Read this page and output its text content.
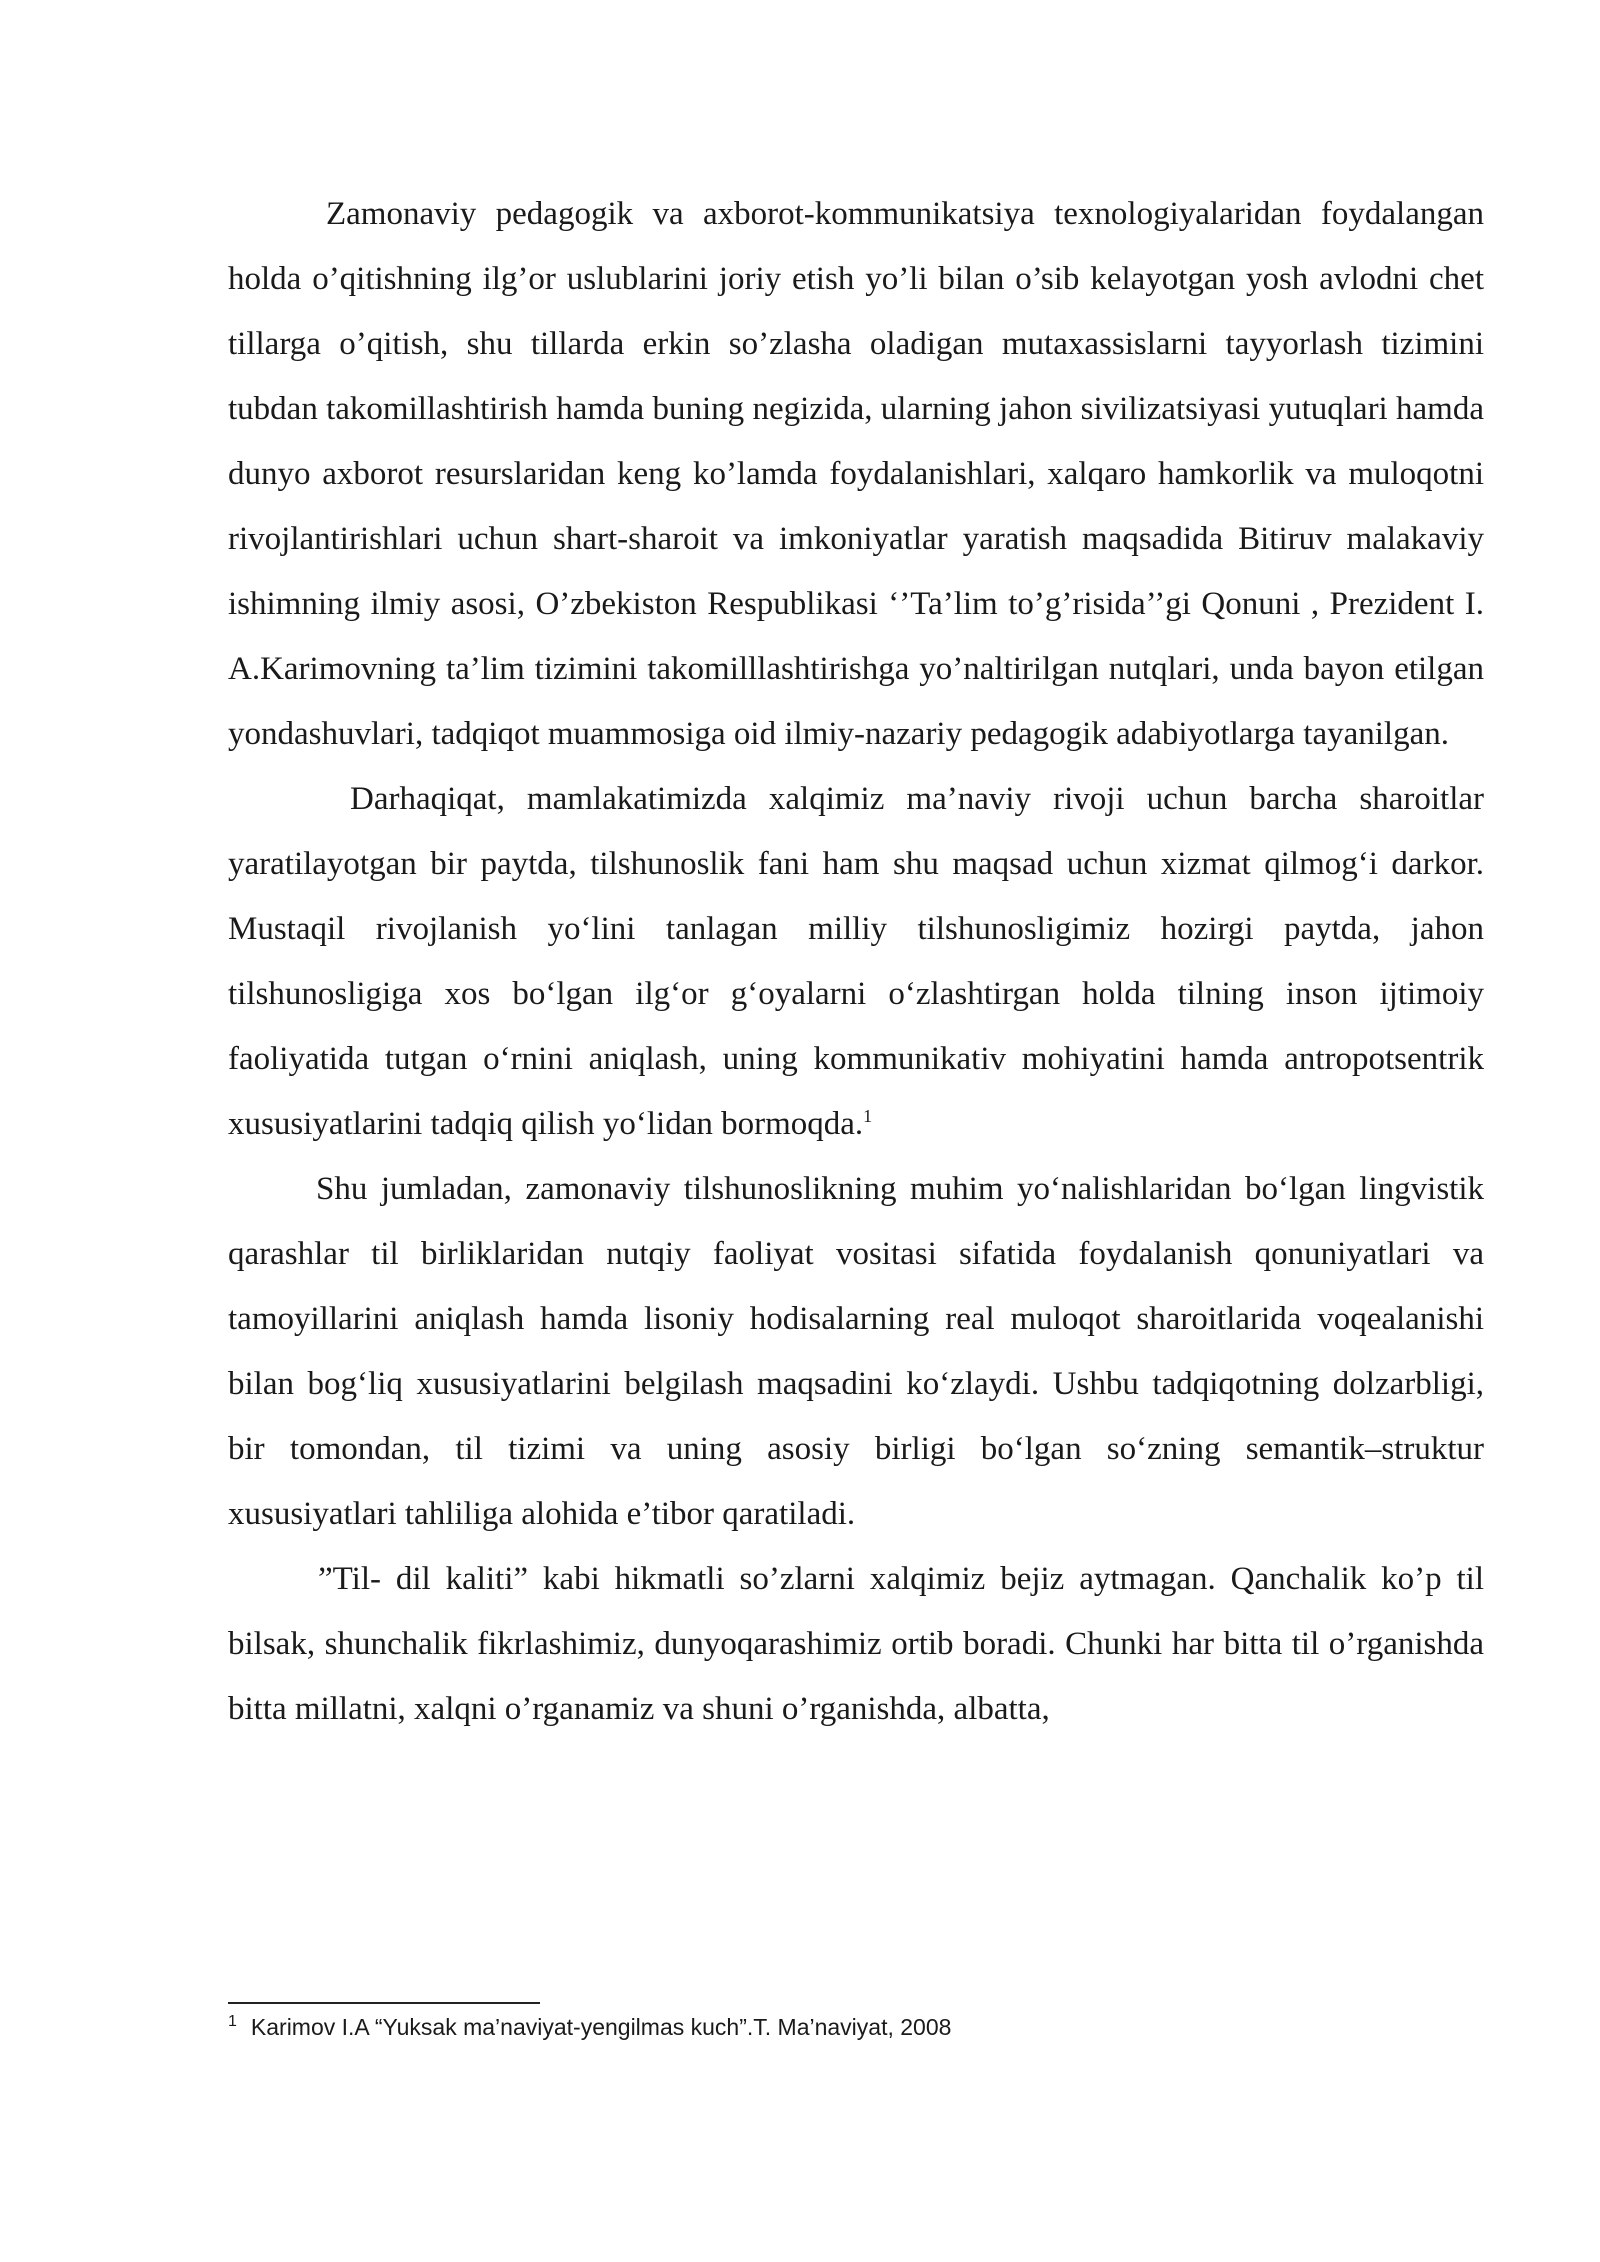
Zamonaviy pedagogik va axborot-kommunikatsiya texnologiyalaridan foydalangan holda o’qitishning ilg’or uslublarini joriy etish yo’li bilan o’sib kelayotgan yosh avlodni chet tillarga o’qitish, shu tillarda erkin so’zlasha oladigan mutaxassislarni tayyorlash tizimini tubdan takomillashtirish hamda buning negizida, ularning jahon sivilizatsiyasi yutuqlari hamda dunyo axborot resurslaridan keng ko’lamda foydalanishlari, xalqaro hamkorlik va muloqotni rivojlantirishlari uchun shart-sharoit va imkoniyatlar yaratish maqsadida Bitiruv malakaviy ishimning ilmiy asosi, O’zbekiston Respublikasi ‘’Ta’lim to’g’risida’’gi Qonuni , Prezident I. A.Karimovning ta’lim tizimini takomilllashtirishga yo’naltirilgan nutqlari, unda bayon etilgan yondashuvlari, tadqiqot muammosiga oid ilmiy-nazariy pedagogik adabiyotlarga tayanilgan.

Darhaqiqat, mamlakatimizda xalqimiz ma’naviy rivoji uchun barcha sharoitlar yaratilayotgan bir paytda, tilshunoslik fani ham shu maqsad uchun xizmat qilmog‘i darkor. Mustaqil rivojlanish yo‘lini tanlagan milliy tilshunosligimiz hozirgi paytda, jahon tilshunosligiga xos bo‘lgan ilg‘or g‘oyalarni o‘zlashtirgan holda tilning inson ijtimoiy faoliyatida tutgan o‘rnini aniqlash, uning kommunikativ mohiyatini hamda antropotsentrik xususiyatlarini tadqiq qilish yo‘lidan bormoqda.$^1$

Shu jumladan, zamonaviy tilshunoslikning muhim yo‘nalishlaridan bo‘lgan lingvistik qarashlar til birliklaridan nutqiy faoliyat vositasi sifatida foydalanish qonuniyatlari va tamoyillarini aniqlash hamda lisoniy hodisalarning real muloqot sharoitlarida voqealanishi bilan bog‘liq xususiyatlarini belgilash maqsadini ko‘zlaydi. Ushbu tadqiqotning dolzarbligi, bir tomondan, til tizimi va uning asosiy birligi bo‘lgan so‘zning semantik–struktur xususiyatlari tahliliga alohida e’tibor qaratiladi.

”Til- dil kaliti” kabi hikmatli so’zlarni xalqimiz bejiz aytmagan. Qanchalik ko’p til bilsak, shunchalik fikrlashimiz, dunyoqarashimiz ortib boradi. Chunki har bitta til o’rganishda bitta millatni, xalqni o’rganamiz va shuni o’rganishda, albatta,

$^1$ Karimov I.A “Yuksak ma’naviyat-yengilmas kuch”.T. Ma’naviyat, 2008
